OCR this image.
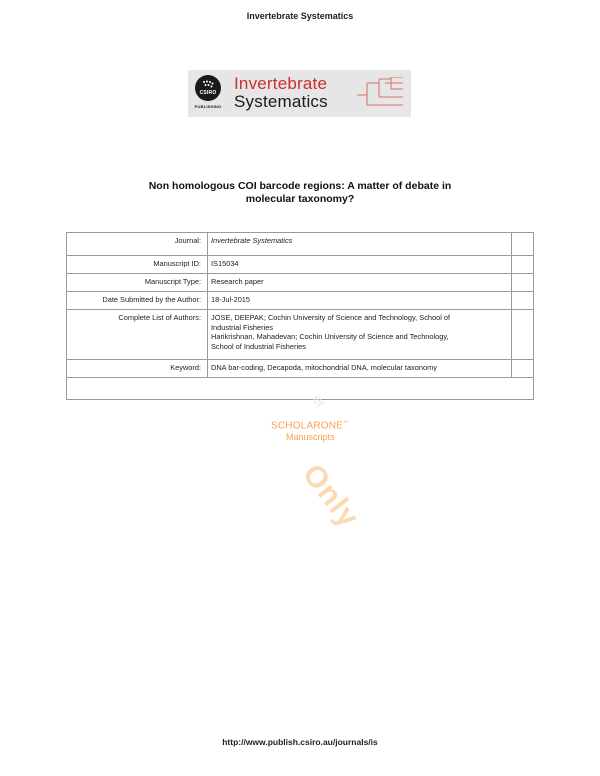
Invertebrate Systematics
CSIRO
PUBLISHING
Invertebrate
Systematics
Non homologous COI barcode regions: A matter of debate in
molecular taxonomy?
Journal:	Invertebrate Systematics
Manuscript ID:	IS15034
Manuscript Type:	Research paper
Date Submitted by the Author:	18-Jul-2015
Complete List of Authors:	JOSE, DEEPAK; Cochin University of Science and Technology, School of
Industrial Fisheries
Harikrishnan, Mahadevan; Cochin University of Science and Technology,
School of Industrial Fisheries
Keyword:	DNA bar-coding, Decapoda, mitochondrial DNA, molecular taxonomy
er
Only
SCHOLARONE™
Manuscripts
http://www.publish.csiro.au/journals/is
